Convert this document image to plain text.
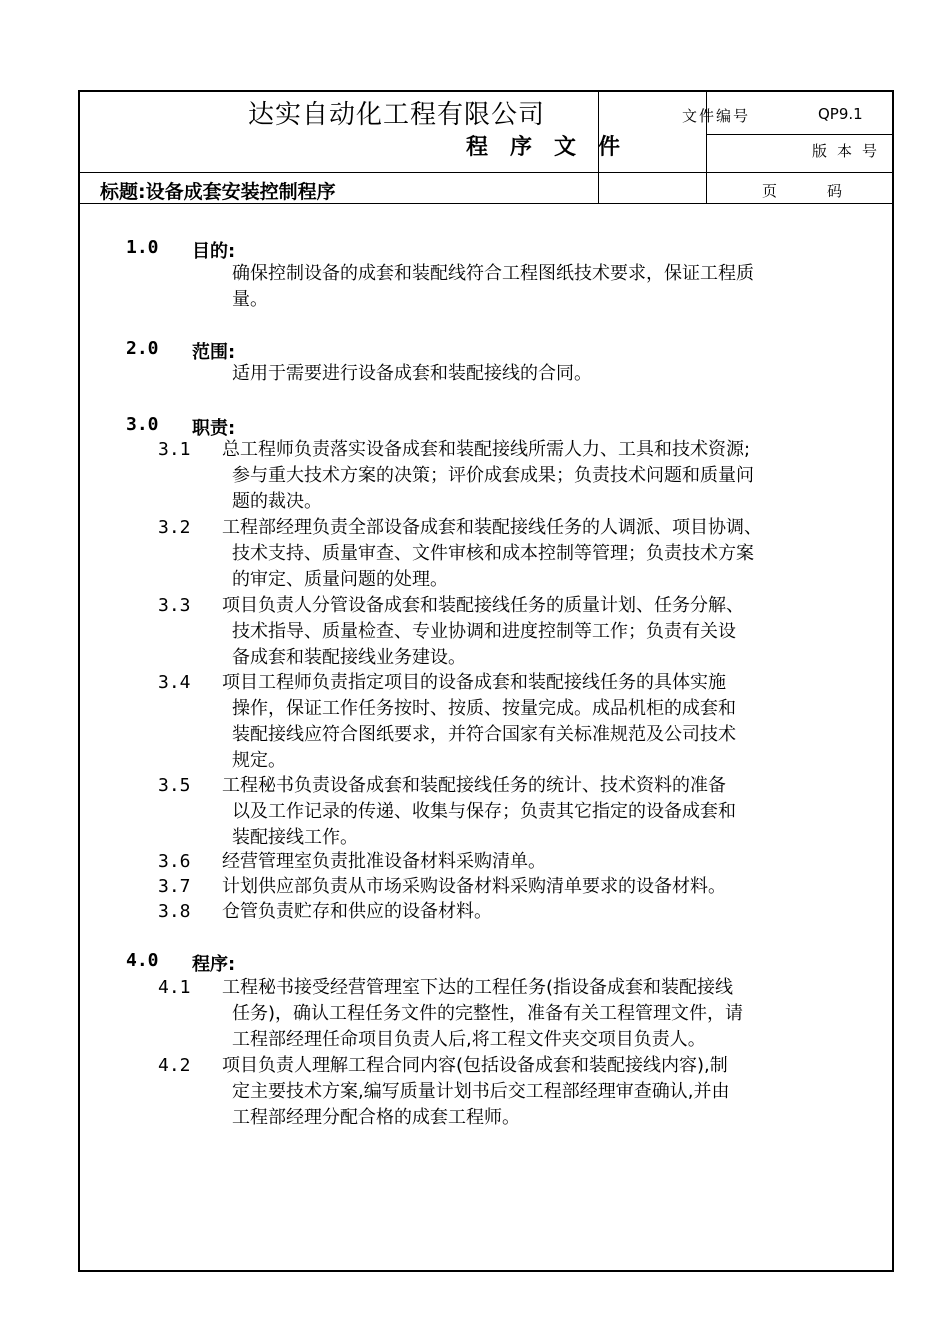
达实自动化工程有限公司
程序文件
文件编号	QP9.1
版本号
标题:设备成套安装控制程序	页码
1.0 目的:
确保控制设备的成套和装配线符合工程图纸技术要求，保证工程质
量。
2.0 范围:
适用于需要进行设备成套和装配接线的合同。
3.0 职责:
3.1 总工程师负责落实设备成套和装配接线所需人力、工具和技术资源;
参与重大技术方案的决策；评价成套成果；负责技术问题和质量问
题的裁决。
3.2 工程部经理负责全部设备成套和装配接线任务的人调派、项目协调、
技术支持、质量审查、文件审核和成本控制等管理；负责技术方案
的审定、质量问题的处理。
3.3 项目负责人分管设备成套和装配接线任务的质量计划、任务分解、
技术指导、质量检查、专业协调和进度控制等工作；负责有关设
备成套和装配接线业务建设。
3.4 项目工程师负责指定项目的设备成套和装配接线任务的具体实施
操作，保证工作任务按时、按质、按量完成。成品机柜的成套和
装配接线应符合图纸要求，并符合国家有关标准规范及公司技术
规定。
3.5 工程秘书负责设备成套和装配接线任务的统计、技术资料的准备
以及工作记录的传递、收集与保存；负责其它指定的设备成套和
装配接线工作。
3.6 经营管理室负责批准设备材料采购清单。
3.7 计划供应部负责从市场采购设备材料采购清单要求的设备材料。
3.8 仓管负责贮存和供应的设备材料。
4.0 程序:
4.1 工程秘书接受经营管理室下达的工程任务(指设备成套和装配接线
任务)，确认工程任务文件的完整性，准备有关工程管理文件，请
工程部经理任命项目负责人后,将工程文件夹交项目负责人。
4.2 项目负责人理解工程合同内容(包括设备成套和装配接线内容),制
定主要技术方案,编写质量计划书后交工程部经理审查确认,并由
工程部经理分配合格的成套工程师。
